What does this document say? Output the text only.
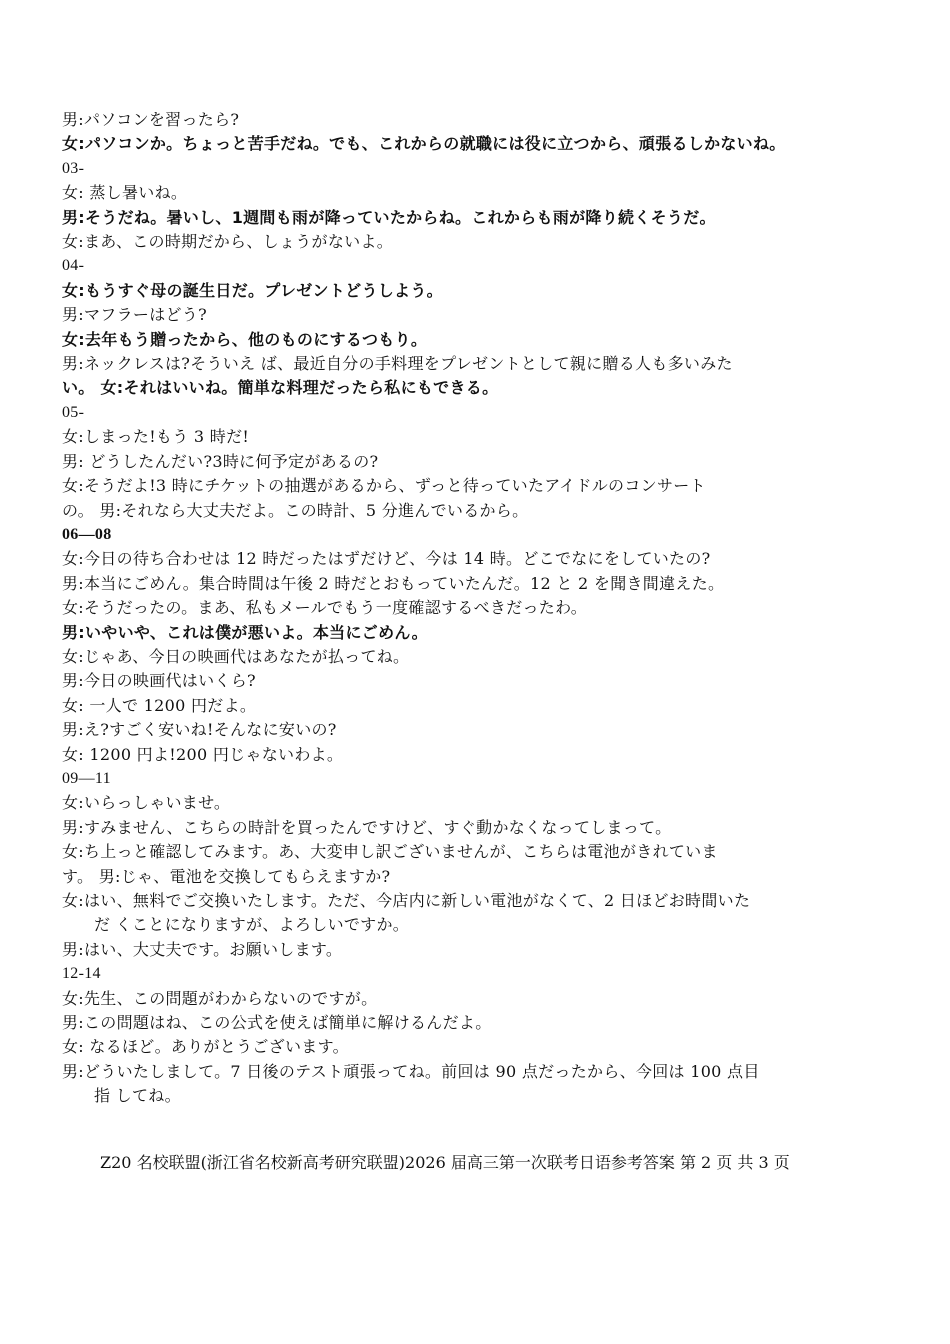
男:パソコンを習ったら?
女:パソコンか。ちょっと苦手だね。でも、これからの就職には役に立つから、頑張るしかないね。
03-
女: 蒸し暑いね。
男:そうだね。暑いし、1週間も雨が降っていたからね。これからも雨が降り続くそうだ。
女:まあ、この時期だから、しょうがないよ。
04-
女:もうすぐ母の誕生日だ。プレゼントどうしよう。
男:マフラーはどう?
女:去年もう贈ったから、他のものにするつもり。
男:ネックレスは?そういえ ば、最近自分の手料理をプレゼントとして親に贈る人も多いみた
い。 女:それはいいね。簡単な料理だったら私にもできる。
05-
女:しまった!もう 3 時だ!
男: どうしたんだい?3時に何予定があるの?
女:そうだよ!3 時にチケットの抽選があるから、ずっと待っていたアイドルのコンサート
の。 男:それなら大丈夫だよ。この時計、5 分進んでいるから。
06—08
女:今日の待ち合わせは 12 時だったはずだけど、今は 14 時。どこでなにをしていたの?
男:本当にごめん。集合時間は午後 2 時だとおもっていたんだ。12 と 2 を聞き間違えた。
女:そうだったの。まあ、私もメールでもう一度確認するべきだったわ。
男:いやいや、これは僕が悪いよ。本当にごめん。
女:じゃあ、今日の映画代はあなたが払ってね。
男:今日の映画代はいくら?
女: 一人で 1200 円だよ。
男:え?すごく安いね!そんなに安いの?
女: 1200 円よ!200 円じゃないわよ。
09—11
女:いらっしゃいませ。
男:すみません、こちらの時計を買ったんですけど、すぐ動かなくなってしまって。
女:ち上っと確認してみます。あ、大変申し訳ございませんが、こちらは電池がきれていま
す。 男:じゃ、電池を交換してもらえますか?
女:はい、無料でご交換いたします。ただ、今店内に新しい電池がなくて、2 日ほどお時間いた
だ くことになりますが、よろしいですか。
男:はい、大丈夫です。お願いします。
12-14
女:先生、この問題がわからないのですが。
男:この問題はね、この公式を使えば簡単に解けるんだよ。
女: なるほど。ありがとうございます。
男:どういたしまして。7 日後のテスト頑張ってね。前回は 90 点だったから、今回は 100 点目
指 してね。
Z20 名校联盟(浙江省名校新高考研究联盟)2026 届高三第一次联考日语参考答案 第 2 页 共 3 页
